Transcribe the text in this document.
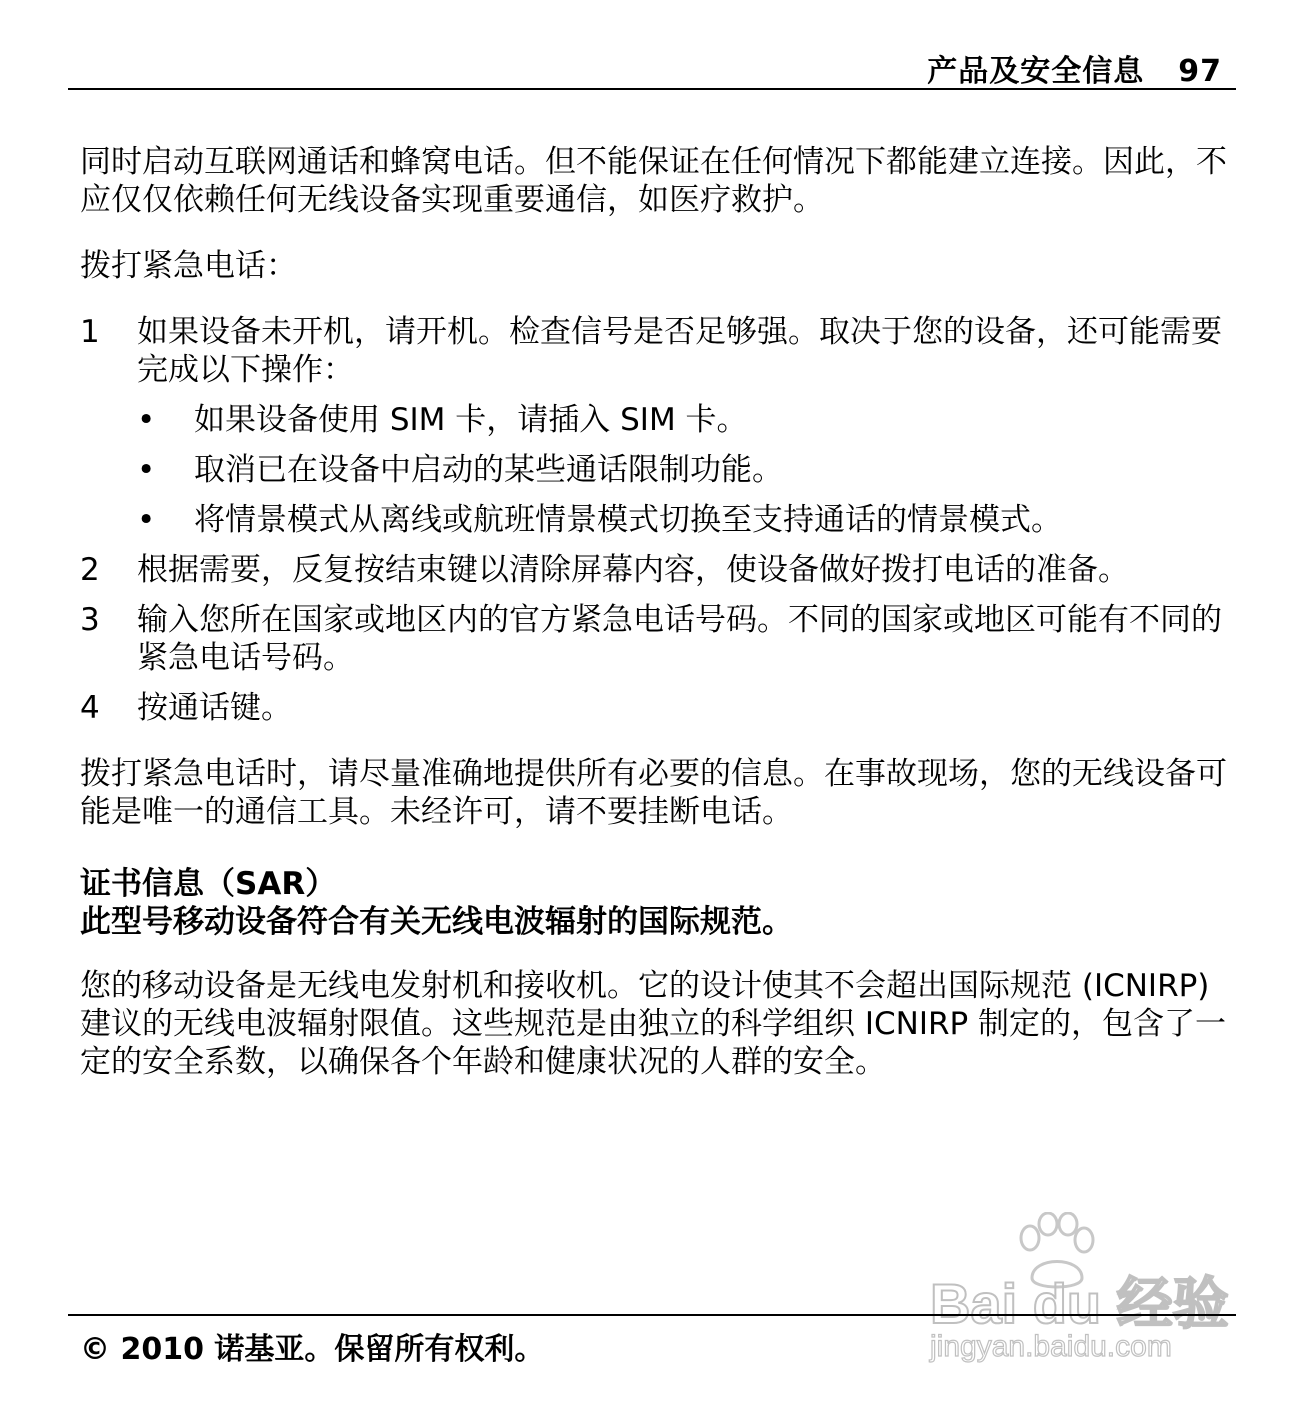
产品及安全信息 97

同时启动互联网通话和蜂窝电话。但不能保证在任何情况下都能建立连接。因此，不应仅仅依赖任何无线设备实现重要通信，如医疗救护。

拨打紧急电话：

1 如果设备未开机，请开机。检查信号是否足够强。取决于您的设备，还可能需要完成以下操作：

• 如果设备使用 SIM 卡，请插入 SIM 卡。
• 取消已在设备中启动的某些通话限制功能。
• 将情景模式从离线或航班情景模式切换至支持通话的情景模式。
2 根据需要，反复按结束键以清除屏幕内容，使设备做好拨打电话的准备。

3 输入您所在国家或地区内的官方紧急电话号码。不同的国家或地区可能有不同的紧急电话号码。

4 按通话键。

拨打紧急电话时，请尽量准确地提供所有必要的信息。在事故现场，您的无线设备可能是唯一的通信工具。未经许可，请不要挂断电话。

证书信息（SAR）

此型号移动设备符合有关无线电波辐射的国际规范。

您的移动设备是无线电发射机和接收机。它的设计使其不会超出国际规范 (ICNIRP) 建议的无线电波辐射限值。这些规范是由独立的科学组织 ICNIRP 制定的，包含了一定的安全系数，以确保各个年龄和健康状况的人群的安全。

Bai du 经验
jingyan.baidu.com
© 2010 诺基亚。保留所有权利。
